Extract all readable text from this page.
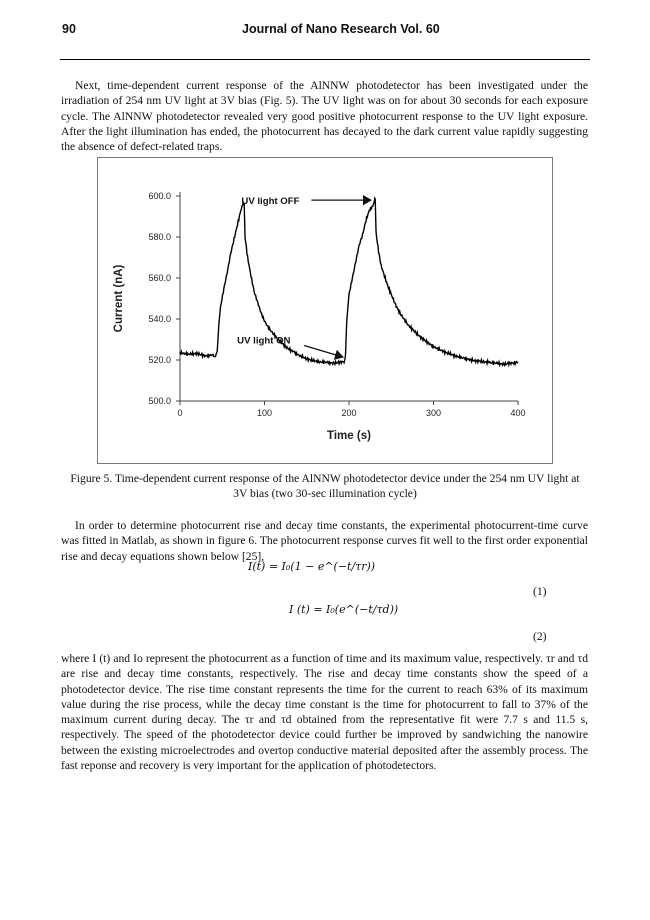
90	Journal of Nano Research Vol. 60

Next, time-dependent current response of the AlNNW photodetector has been investigated under the irradiation of 254 nm UV light at 3V bias (Fig. 5). The UV light was on for about 30 seconds for each exposure cycle. The AlNNW photodetector revealed very good positive photocurrent response to the UV light exposure. After the light illumination has ended, the photocurrent has decayed to the dark current value rapidly suggesting the absence of defect-related traps.

500.0
520.0
540.0
560.0
580.0
600.0
0	100	200	300	400
Time (s)
Current (nA)
UV light OFF
UV light ON

Figure 5. Time-dependent current response of the AlNNW photodetector device under the 254 nm UV light at 3V bias (two 30-sec illumination cycle)

In order to determine photocurrent rise and decay time constants, the experimental photocurrent-time curve was fitted in Matlab, as shown in figure 6. The photocurrent response curves fit well to the first order exponential rise and decay equations shown below [25],

I(t) = I₀(1 − e^(−t/τr))
(1)
I (t) = I₀(e^(−t/τd))
(2)

where I (t) and Io represent the photocurrent as a function of time and its maximum value, respectively. τr and τd are rise and decay time constants, respectively. The rise and decay time constants show the speed of a photodetector device. The rise time constant represents the time for the current to reach 63% of its maximum value during the rise process, while the decay time constant is the time for photocurrent to fall to 37% of the maximum current during decay. The τr and τd obtained from the representative fit were 7.7 s and 11.5 s, respectively. The speed of the photodetector device could further be improved by sandwiching the nanowire between the existing microelectrodes and overtop conductive material deposited after the assembly process. The fast reponse and recovery is very important for the application of photodetectors.
